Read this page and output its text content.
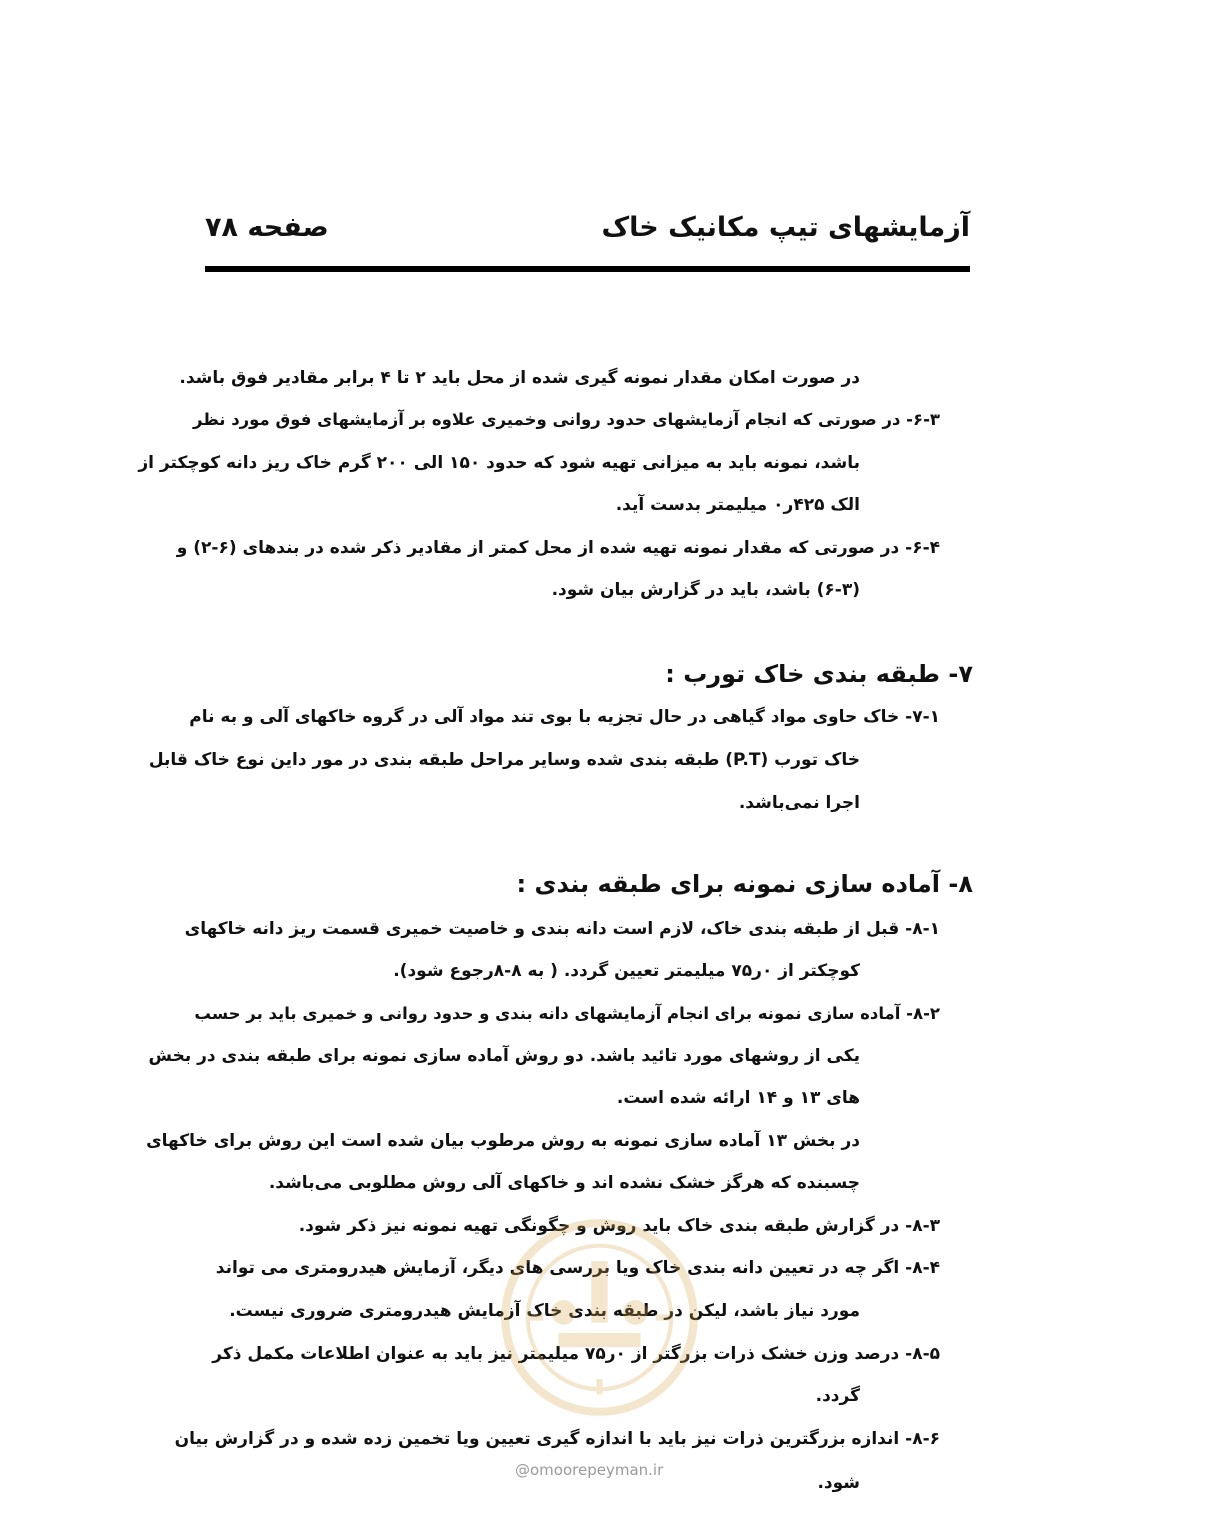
آزمایشهای تیپ مکانیک خاک
صفحه ۷۸
در صورت امکان مقدار نمونه گیری شده از محل باید ۲ تا ۴ برابر مقادیر فوق باشد.
۶-۳- در صورتی که انجام آزمایشهای حدود روانی وخمیری علاوه بر آزمایشهای فوق مورد نظر
باشد، نمونه باید به میزانی تهیه شود که حدود ۱۵۰ الی ۲۰۰ گرم خاک ریز دانه کوچکتر از
الک ۴۲۵ر۰ میلیمتر بدست آید.
۶-۴- در صورتی که مقدار نمونه تهیه شده از محل کمتر از مقادیر ذکر شده در بندهای (۶-۲) و
(۶-۳) باشد، باید در گزارش بیان شود.
۷- طبقه بندی خاک تورب :
۷-۱- خاک حاوی مواد گیاهی در حال تجزیه با بوی تند مواد آلی در گروه خاکهای آلی و به نام
خاک تورب (P.T) طبقه بندی شده وسایر مراحل طبقه بندی در مور داین نوع خاک قابل
اجرا نمی‌باشد.
۸- آماده سازی نمونه برای طبقه بندی :
۸-۱- قبل از طبقه بندی خاک، لازم است دانه بندی و خاصیت خمیری قسمت ریز دانه خاکهای
کوچکتر از ۰ر۷۵ میلیمتر تعیین گردد. ( به ۸-۸رجوع شود).
۸-۲- آماده سازی نمونه برای انجام آزمایشهای دانه بندی و حدود روانی و خمیری باید بر حسب
یکی از روشهای مورد تائید باشد. دو روش آماده سازی نمونه برای طبقه بندی در بخش
های ۱۳ و ۱۴ ارائه شده است.
در بخش ۱۳ آماده سازی نمونه به روش مرطوب بیان شده است این روش برای خاکهای
چسبنده که هرگز خشک نشده اند و خاکهای آلی روش مطلوبی می‌باشد.
۸-۳- در گزارش طبقه بندی خاک باید روش و چگونگی تهیه نمونه نیز ذکر شود.
۸-۴- اگر چه در تعیین دانه بندی خاک ویا بررسی های دیگر، آزمایش هیدرومتری می تواند
مورد نیاز باشد، لیکن در طبقه بندی خاک آزمایش هیدرومتری ضروری نیست.
۸-۵- درصد وزن خشک ذرات بزرگتر از ۰ر۷۵ میلیمتر نیز باید به عنوان اطلاعات مکمل ذکر
گردد.
۸-۶- اندازه بزرگترین ذرات نیز باید با اندازه گیری تعیین ویا تخمین زده شده و در گزارش بیان
شود.
@omoorepeyman.ir
